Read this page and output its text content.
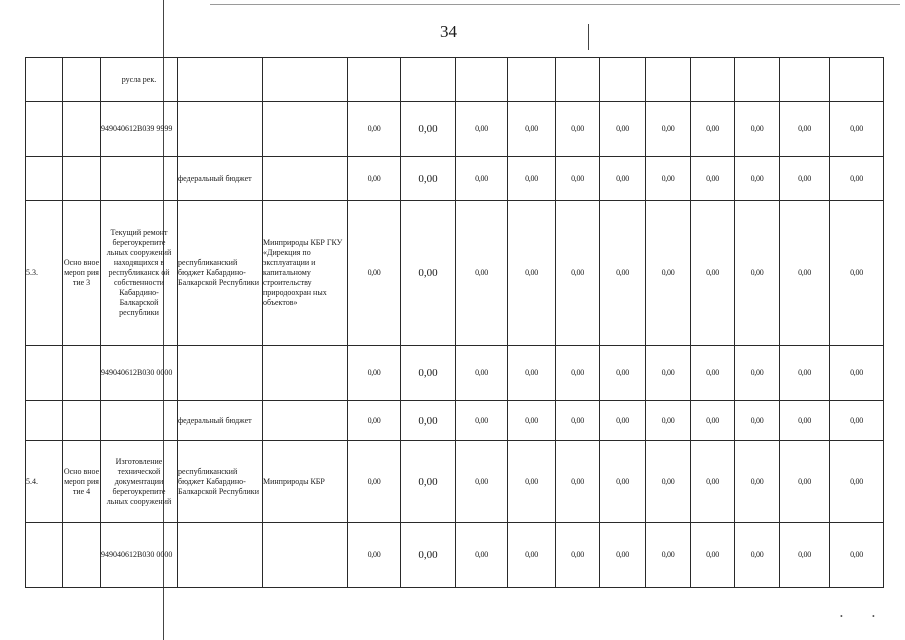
34
		русла рек.													
		949040612B039 9999			0,00	0,00	0,00	0,00	0,00	0,00	0,00	0,00	0,00	0,00	0,00
			федеральный бюджет		0,00	0,00	0,00	0,00	0,00	0,00	0,00	0,00	0,00	0,00	0,00
5.3.	Осно вное мероп рия тие 3	Текущий ремонт берегоукрепите льных сооружений находящихся в республиканск ой собственности Кабардино-Балкарской республики	республиканский бюджет Кабардино-Балкарской Республики	Минприроды КБР ГКУ «Дирекция по эксплуатации и капитальному строительству природоохран ных объектов»	0,00	0,00	0,00	0,00	0,00	0,00	0,00	0,00	0,00	0,00	0,00
		949040612B030 0000			0,00	0,00	0,00	0,00	0,00	0,00	0,00	0,00	0,00	0,00	0,00
			федеральный бюджет		0,00	0,00	0,00	0,00	0,00	0,00	0,00	0,00	0,00	0,00	0,00
5.4.	Осно вное мероп рия тие 4	Изготовление технической документации берегоукрепите льных сооружений	республиканский бюджет Кабардино-Балкарской Республики	Минприроды КБР	0,00	0,00	0,00	0,00	0,00	0,00	0,00	0,00	0,00	0,00	0,00
		949040612B030 0000			0,00	0,00	0,00	0,00	0,00	0,00	0,00	0,00	0,00	0,00	0,00
•	•
